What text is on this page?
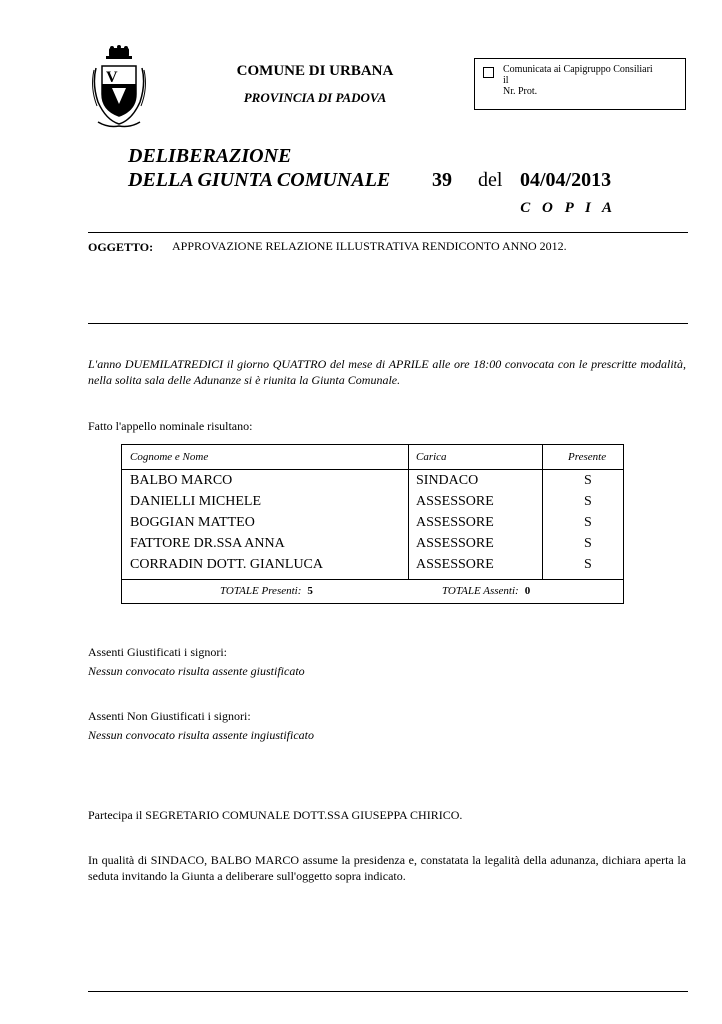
V	COMUNE DI URBANA
PROVINCIA DI PADOVA
Comunicata ai Capigruppo Consiliari
il
Nr. Prot.
DELIBERAZIONE
DELLA GIUNTA COMUNALE 39 del 04/04/2013
C O P I A
OGGETTO: APPROVAZIONE RELAZIONE ILLUSTRATIVA RENDICONTO ANNO 2012.
L'anno DUEMILATREDICI il giorno QUATTRO del mese di APRILE alle ore 18:00 convocata con le prescritte modalità, nella solita sala delle Adunanze si è riunita la Giunta Comunale.
Fatto l'appello nominale risultano:
Cognome e Nome	Carica	Presente
BALBO MARCO	SINDACO	S
DANIELLI MICHELE	ASSESSORE	S
BOGGIAN MATTEO	ASSESSORE	S
FATTORE DR.SSA ANNA	ASSESSORE	S
CORRADIN DOTT. GIANLUCA	ASSESSORE	S
TOTALE Presenti: 5	TOTALE Assenti: 0
Assenti Giustificati i signori:
Nessun convocato risulta assente giustificato
Assenti Non Giustificati i signori:
Nessun convocato risulta assente ingiustificato
Partecipa il SEGRETARIO COMUNALE DOTT.SSA GIUSEPPA CHIRICO.
In qualità di SINDACO, BALBO MARCO assume la presidenza e, constatata la legalità della adunanza, dichiara aperta la seduta invitando la Giunta a deliberare sull'oggetto sopra indicato.
